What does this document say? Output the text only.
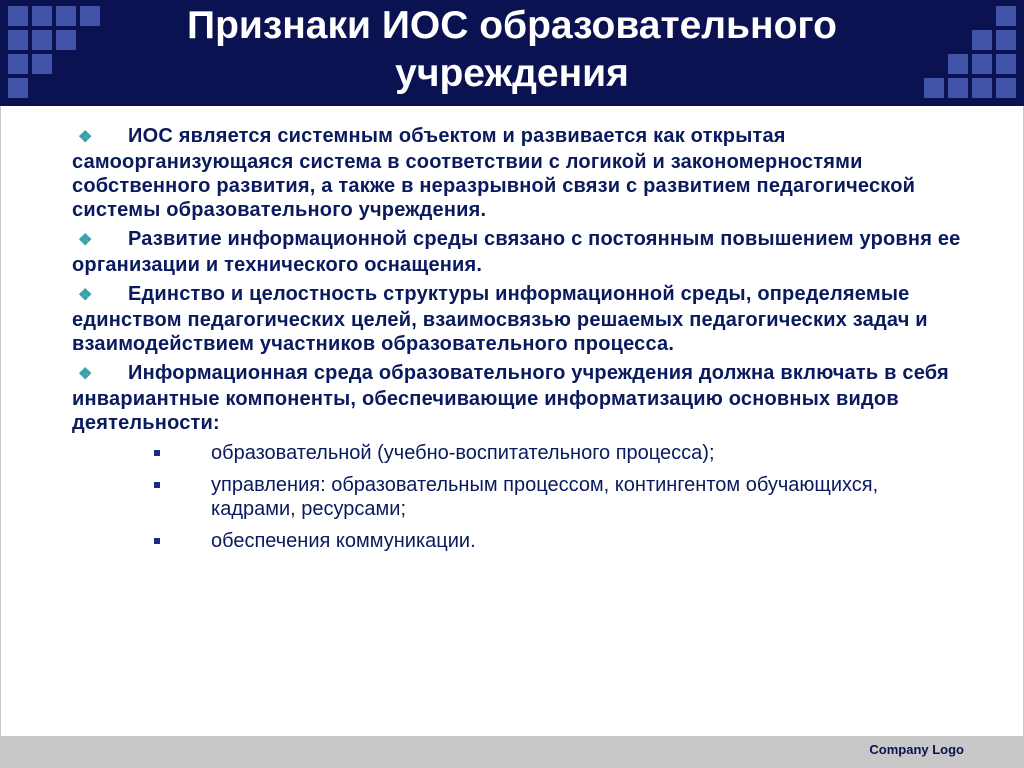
Признаки ИОС образовательного учреждения

❖ ИОС является системным объектом и развивается как открытая самоорганизующаяся система в соответствии с логикой и закономерностями собственного развития, а также в неразрывной связи с развитием педагогической системы образовательного учреждения.

❖ Развитие информационной среды связано с постоянным повышением уровня ее организации и технического оснащения.

❖ Единство и целостность структуры информационной среды, определяемые единством педагогических целей, взаимосвязью решаемых педагогических задач и взаимодействием участников образовательного процесса.

❖ Информационная среда образовательного учреждения должна включать в себя инвариантные компоненты, обеспечивающие информатизацию основных видов деятельности:

образовательной (учебно-воспитательного процесса);
управления: образовательным процессом, контингентом обучающихся, кадрами, ресурсами;
обеспечения коммуникации.
Company Logo
